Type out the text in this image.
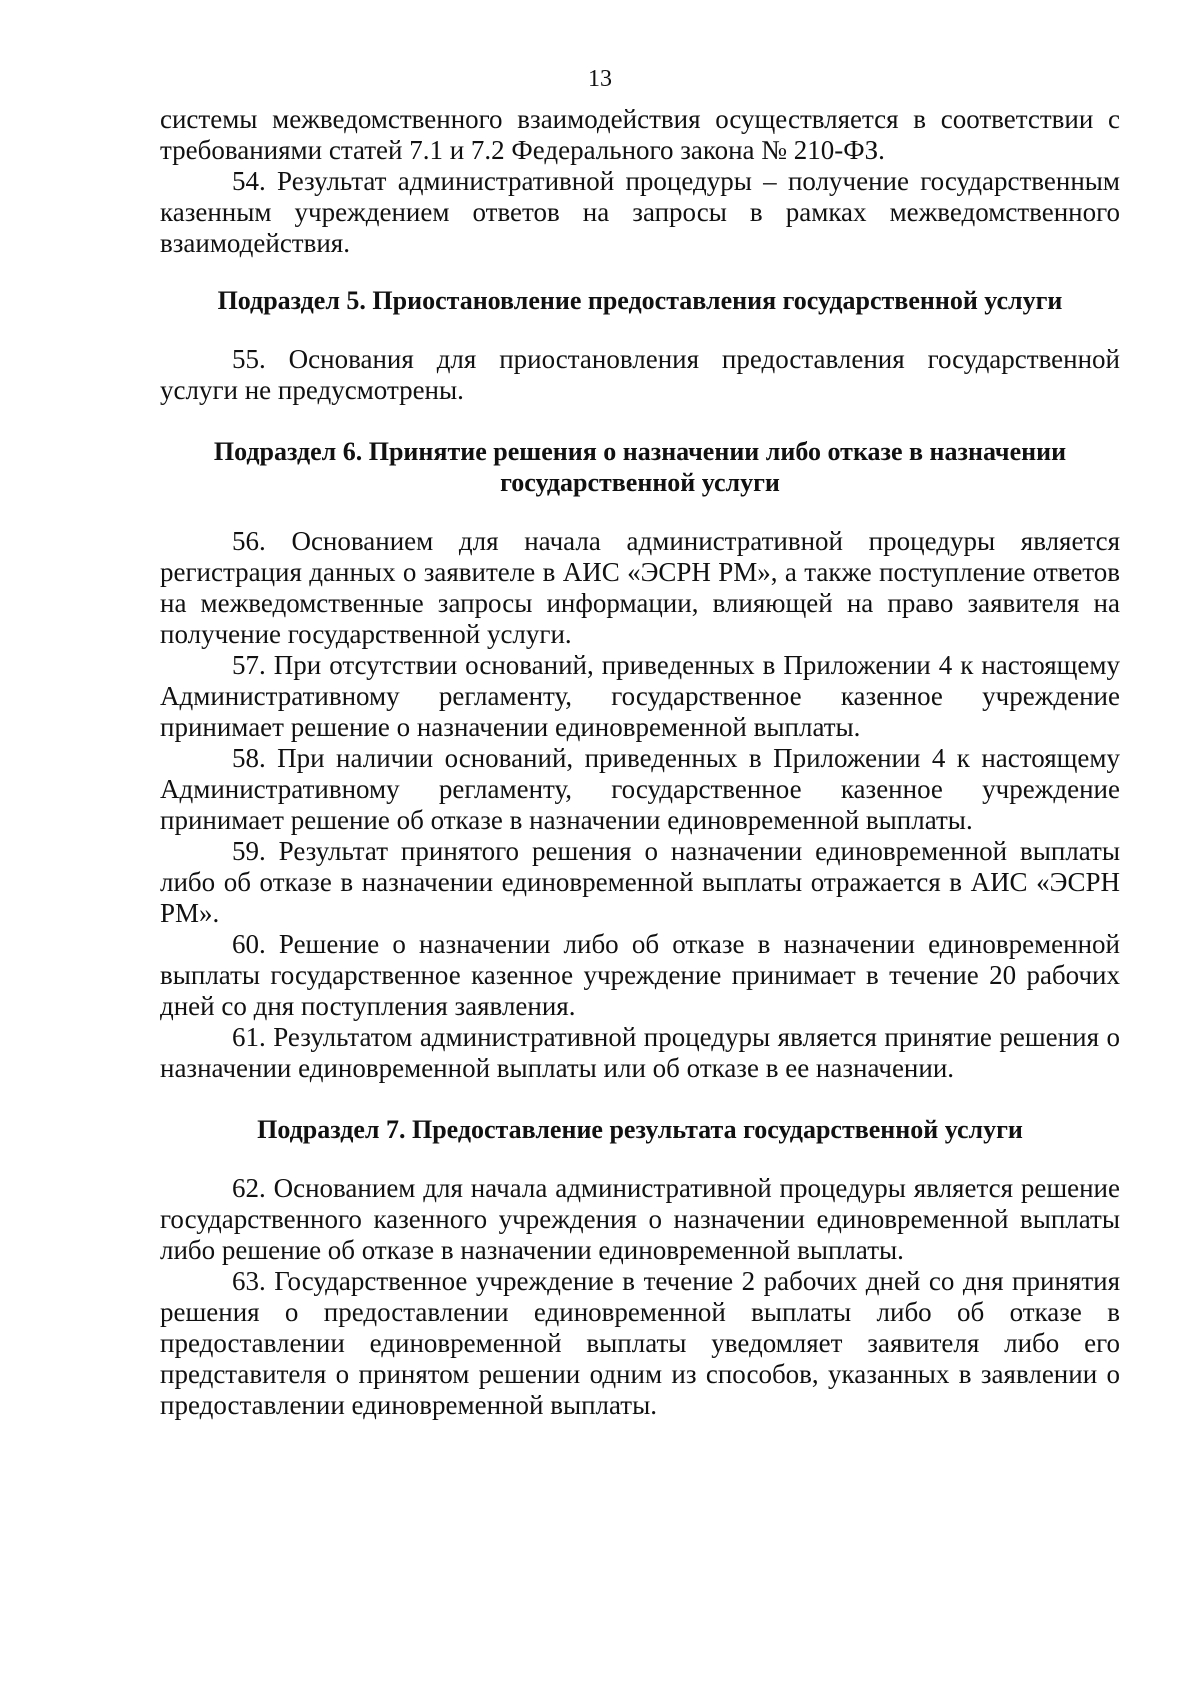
13

системы межведомственного взаимодействия осуществляется в соответствии с требованиями статей 7.1 и 7.2 Федерального закона № 210-ФЗ.

54. Результат административной процедуры – получение государственным казенным учреждением ответов на запросы в рамках межведомственного взаимодействия.

Подраздел 5. Приостановление предоставления государственной услуги

55. Основания для приостановления предоставления государственной услуги не предусмотрены.

Подраздел 6. Принятие решения о назначении либо отказе в назначении государственной услуги

56. Основанием для начала административной процедуры является регистрация данных о заявителе в АИС «ЭСРН РМ», а также поступление ответов на межведомственные запросы информации, влияющей на право заявителя на получение государственной услуги.

57. При отсутствии оснований, приведенных в Приложении 4 к настоящему Административному регламенту, государственное казенное учреждение принимает решение о назначении единовременной выплаты.

58. При наличии оснований, приведенных в Приложении 4 к настоящему Административному регламенту, государственное казенное учреждение принимает решение об отказе в назначении единовременной выплаты.

59. Результат принятого решения о назначении единовременной выплаты либо об отказе в назначении единовременной выплаты отражается в АИС «ЭСРН РМ».

60. Решение о назначении либо об отказе в назначении единовременной выплаты государственное казенное учреждение принимает в течение 20 рабочих дней со дня поступления заявления.

61. Результатом административной процедуры является принятие решения о назначении единовременной выплаты или об отказе в ее назначении.

Подраздел 7. Предоставление результата государственной услуги

62. Основанием для начала административной процедуры является решение государственного казенного учреждения о назначении единовременной выплаты либо решение об отказе в назначении единовременной выплаты.

63. Государственное учреждение в течение 2 рабочих дней со дня принятия решения о предоставлении единовременной выплаты либо об отказе в предоставлении единовременной выплаты уведомляет заявителя либо его представителя о принятом решении одним из способов, указанных в заявлении о предоставлении единовременной выплаты.
